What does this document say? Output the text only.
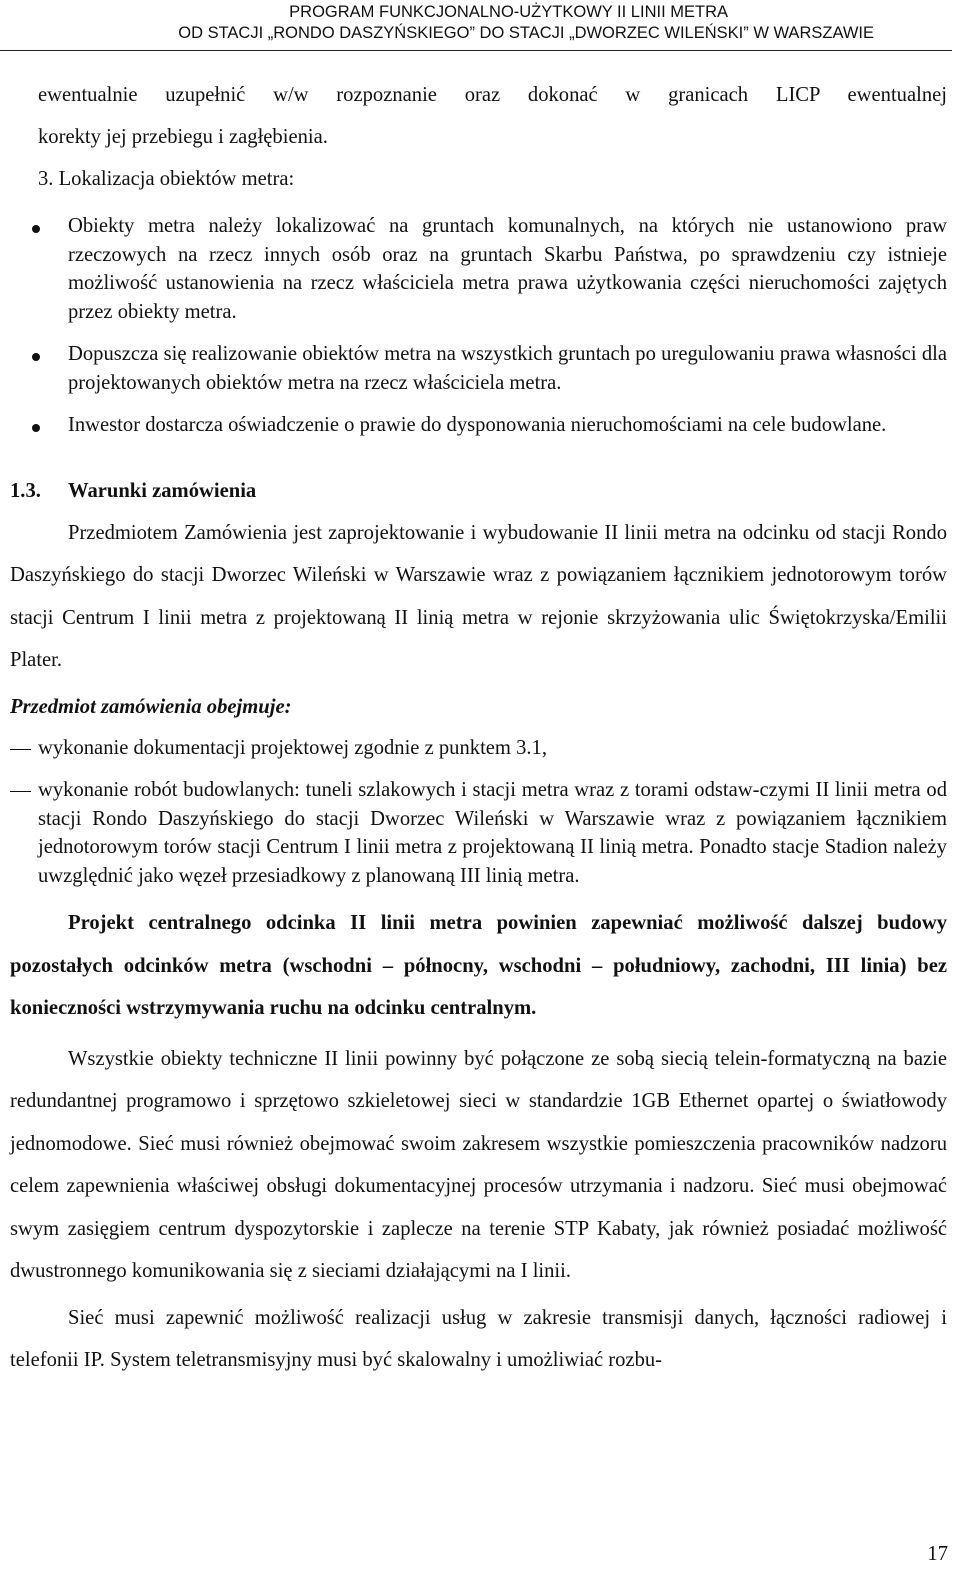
PROGRAM FUNKCJONALNO-UŻYTKOWY II LINII METRA
OD STACJI „RONDO DASZYŃSKIEGO” DO STACJI „DWORZEC WILEŃSKI” W WARSZAWIE

ewentualnie uzupełnić w/w rozpoznanie oraz dokonać w granicach LICP ewentualnej

korekty jej przebiegu i zagłębienia.

3. Lokalizacja obiektów metra:

Obiekty metra należy lokalizować na gruntach komunalnych, na których nie ustanowiono praw rzeczowych na rzecz innych osób oraz na gruntach Skarbu Państwa, po sprawdzeniu czy istnieje możliwość ustanowienia na rzecz właściciela metra prawa użytkowania części nieruchomości zajętych przez obiekty metra.
Dopuszcza się realizowanie obiektów metra na wszystkich gruntach po uregulowaniu prawa własności dla projektowanych obiektów metra na rzecz właściciela metra.
Inwestor dostarcza oświadczenie o prawie do dysponowania nieruchomościami na cele budowlane.
1.3. Warunki zamówienia

Przedmiotem Zamówienia jest zaprojektowanie i wybudowanie II linii metra na odcinku od stacji Rondo Daszyńskiego do stacji Dworzec Wileński w Warszawie wraz z powiązaniem łącznikiem jednotorowym torów stacji Centrum I linii metra z projektowaną II linią metra w rejonie skrzyżowania ulic Świętokrzyska/Emilii Plater.

Przedmiot zamówienia obejmuje:

wykonanie dokumentacji projektowej zgodnie z punktem 3.1,
wykonanie robót budowlanych: tuneli szlakowych i stacji metra wraz z torami odstaw-czymi II linii metra od stacji Rondo Daszyńskiego do stacji Dworzec Wileński w Warszawie wraz z powiązaniem łącznikiem jednotorowym torów stacji Centrum I linii metra z projektowaną II linią metra. Ponadto stacje Stadion należy uwzględnić jako węzeł przesiadkowy z planowaną III linią metra.

Projekt centralnego odcinka II linii metra powinien zapewniać możliwość dalszej budowy pozostałych odcinków metra (wschodni – północny, wschodni – południowy, zachodni, III linia) bez konieczności wstrzymywania ruchu na odcinku centralnym.

Wszystkie obiekty techniczne II linii powinny być połączone ze sobą siecią telein-formatyczną na bazie redundantnej programowo i sprzętowo szkieletowej sieci w standardzie 1GB Ethernet opartej o światłowody jednomodowe. Sieć musi również obejmować swoim zakresem wszystkie pomieszczenia pracowników nadzoru celem zapewnienia właściwej obsługi dokumentacyjnej procesów utrzymania i nadzoru. Sieć musi obejmować swym zasięgiem centrum dyspozytorskie i zaplecze na terenie STP Kabaty, jak również posiadać możliwość dwustronnego komunikowania się z sieciami działającymi na I linii.

Sieć musi zapewnić możliwość realizacji usług w zakresie transmisji danych, łączności radiowej i telefonii IP. System teletransmisyjny musi być skalowalny i umożliwiać rozbu-

17
